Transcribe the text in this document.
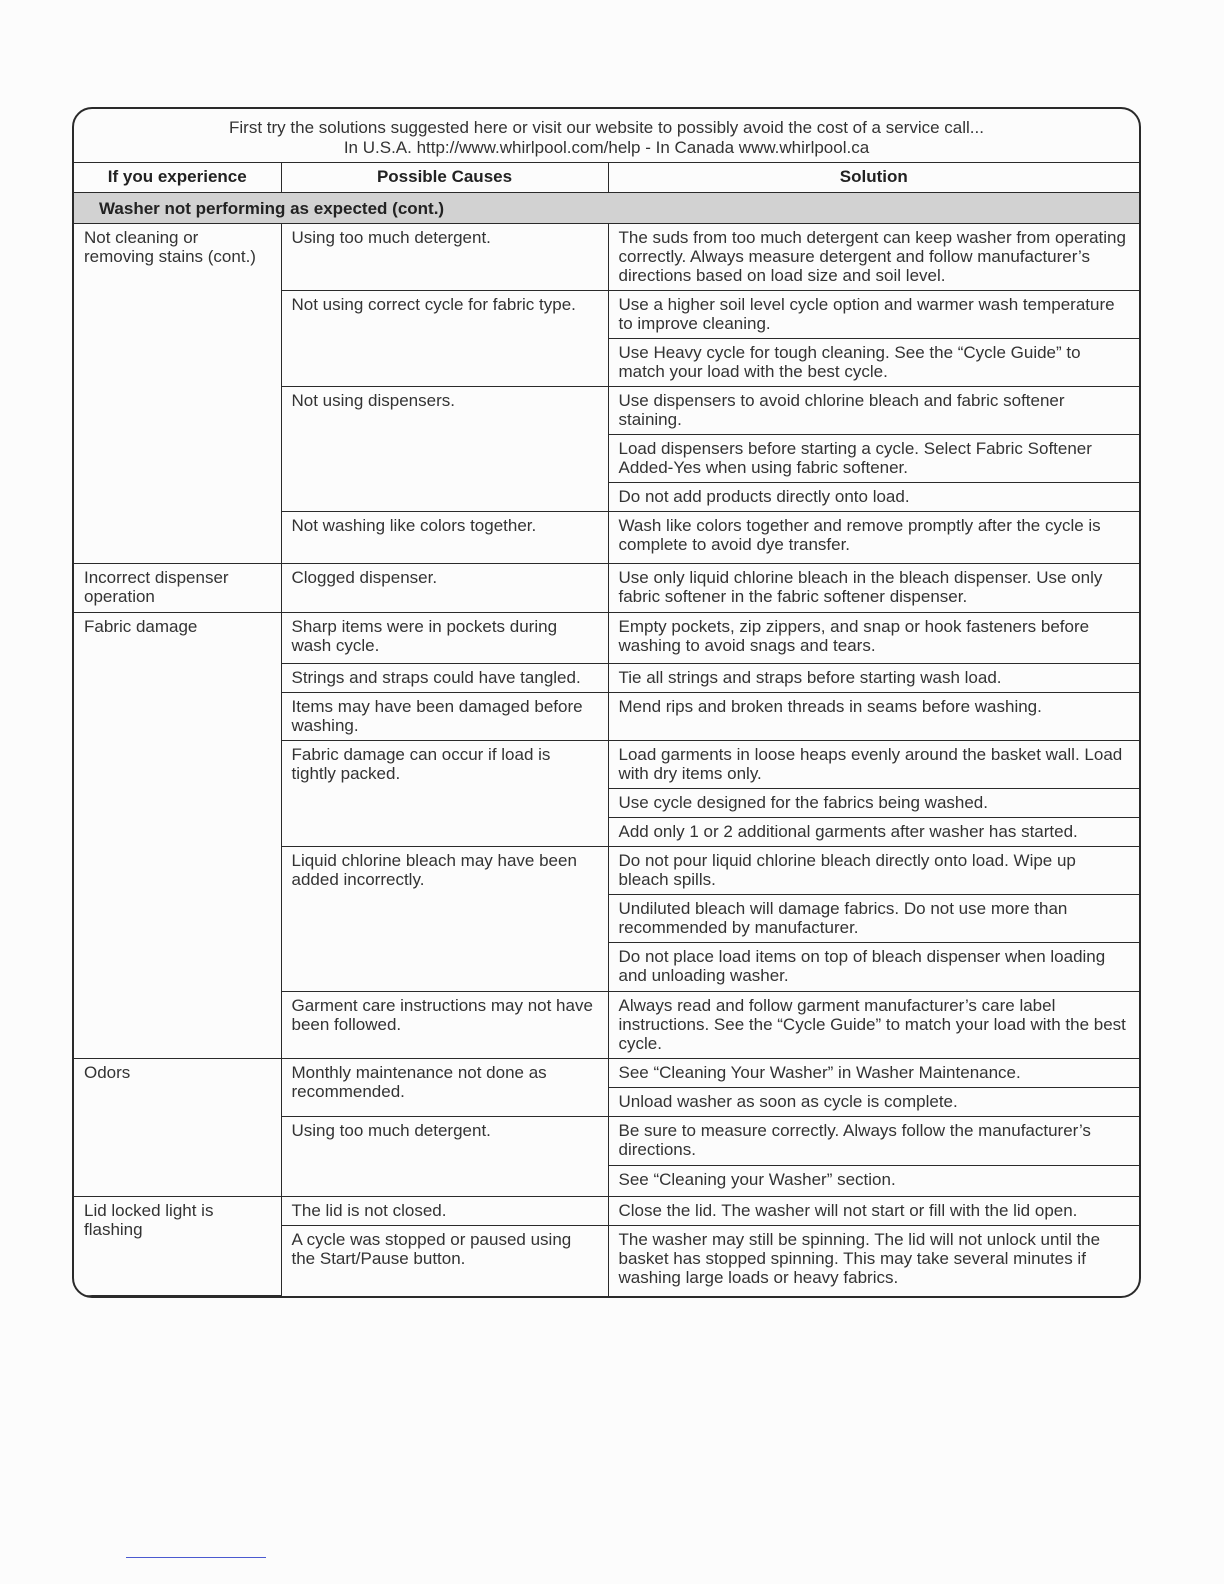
First try the solutions suggested here or visit our website to possibly avoid the cost of a service call...
In U.S.A. http://www.whirlpool.com/help - In Canada www.whirlpool.ca
If you experience	Possible Causes	Solution
Washer not performing as expected (cont.)		
Not cleaning or removing stains (cont.)	Using too much detergent.	The suds from too much detergent can keep washer from operating correctly. Always measure detergent and follow manufacturer’s directions based on load size and soil level.
	Not using correct cycle for fabric type.	Use a higher soil level cycle option and warmer wash temperature to improve cleaning.
		Use Heavy cycle for tough cleaning. See the “Cycle Guide” to match your load with the best cycle.
	Not using dispensers.	Use dispensers to avoid chlorine bleach and fabric softener staining.
		Load dispensers before starting a cycle. Select Fabric Softener Added-Yes when using fabric softener.
		Do not add products directly onto load.
	Not washing like colors together.	Wash like colors together and remove promptly after the cycle is complete to avoid dye transfer.
Incorrect dispenser operation	Clogged dispenser.	Use only liquid chlorine bleach in the bleach dispenser. Use only fabric softener in the fabric softener dispenser.
Fabric damage	Sharp items were in pockets during wash cycle.	Empty pockets, zip zippers, and snap or hook fasteners before washing to avoid snags and tears.
	Strings and straps could have tangled.	Tie all strings and straps before starting wash load.
	Items may have been damaged before washing.	Mend rips and broken threads in seams before washing.
	Fabric damage can occur if load is tightly packed.	Load garments in loose heaps evenly around the basket wall. Load with dry items only.
		Use cycle designed for the fabrics being washed.
		Add only 1 or 2 additional garments after washer has started.
	Liquid chlorine bleach may have been added incorrectly.	Do not pour liquid chlorine bleach directly onto load. Wipe up bleach spills.
		Undiluted bleach will damage fabrics. Do not use more than recommended by manufacturer.
		Do not place load items on top of bleach dispenser when loading and unloading washer.
	Garment care instructions may not have been followed.	Always read and follow garment manufacturer’s care label instructions. See the “Cycle Guide” to match your load with the best cycle.
Odors	Monthly maintenance not done as recommended.	See “Cleaning Your Washer” in Washer Maintenance.
		Unload washer as soon as cycle is complete.
	Using too much detergent.	Be sure to measure correctly. Always follow the manufacturer’s directions.
		See “Cleaning your Washer” section.
Lid locked light is flashing	The lid is not closed.	Close the lid. The washer will not start or fill with the lid open.
	A cycle was stopped or paused using the Start/Pause button.	The washer may still be spinning. The lid will not unlock until the basket has stopped spinning. This may take several minutes if washing large loads or heavy fabrics.
